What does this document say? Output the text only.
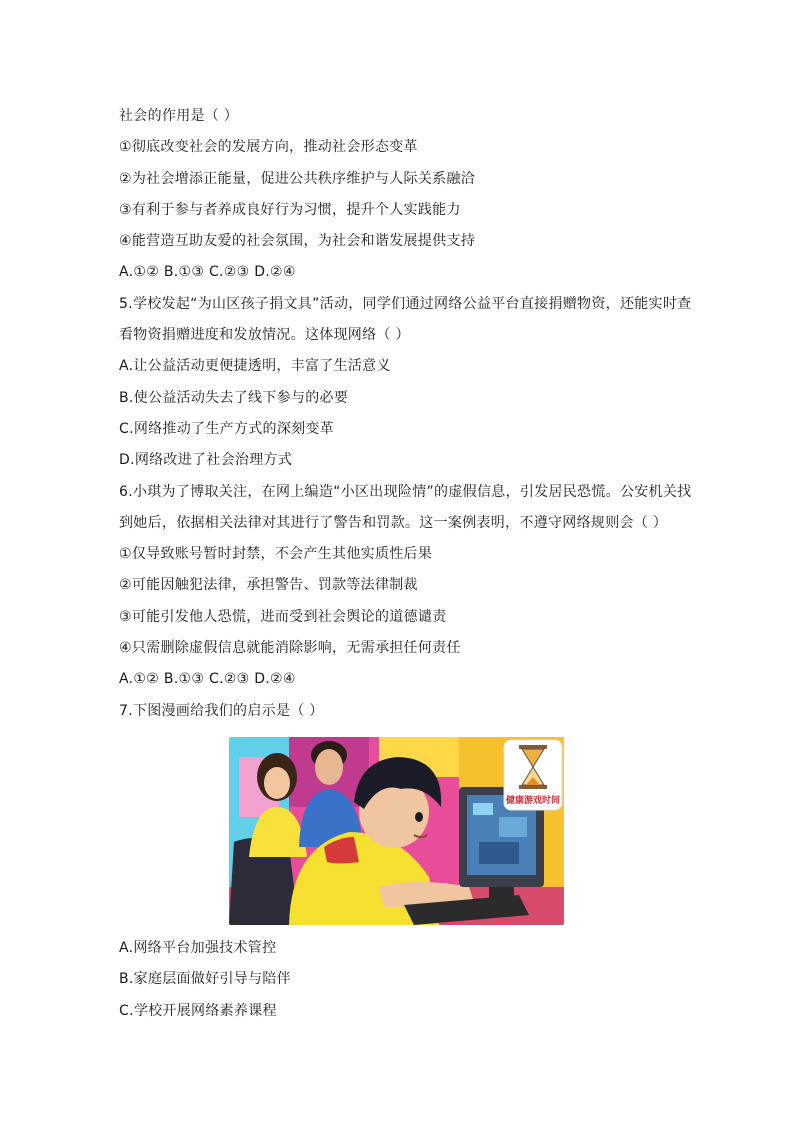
社会的作用是（ ）
①彻底改变社会的发展方向，推动社会形态变革
②为社会增添正能量，促进公共秩序维护与人际关系融洽
③有利于参与者养成良好行为习惯，提升个人实践能力
④能营造互助友爱的社会氛围，为社会和谐发展提供支持
A.①② B.①③ C.②③ D.②④
5.学校发起“为山区孩子捐文具”活动，同学们通过网络公益平台直接捐赠物资，还能实时查
看物资捐赠进度和发放情况。这体现网络（ ）
A.让公益活动更便捷透明，丰富了生活意义
B.使公益活动失去了线下参与的必要
C.网络推动了生产方式的深刻变革
D.网络改进了社会治理方式
6.小琪为了博取关注，在网上编造“小区出现险情”的虚假信息，引发居民恐慌。公安机关找
到她后，依据相关法律对其进行了警告和罚款。这一案例表明，不遵守网络规则会（ ）
①仅导致账号暂时封禁，不会产生其他实质性后果
②可能因触犯法律，承担警告、罚款等法律制裁
③可能引发他人恐慌，进而受到社会舆论的道德谴责
④只需删除虚假信息就能消除影响，无需承担任何责任
A.①② B.①③ C.②③ D.②④
7.下图漫画给我们的启示是（ ）
健康游戏时间
A.网络平台加强技术管控
B.家庭层面做好引导与陪伴
C.学校开展网络素养课程
